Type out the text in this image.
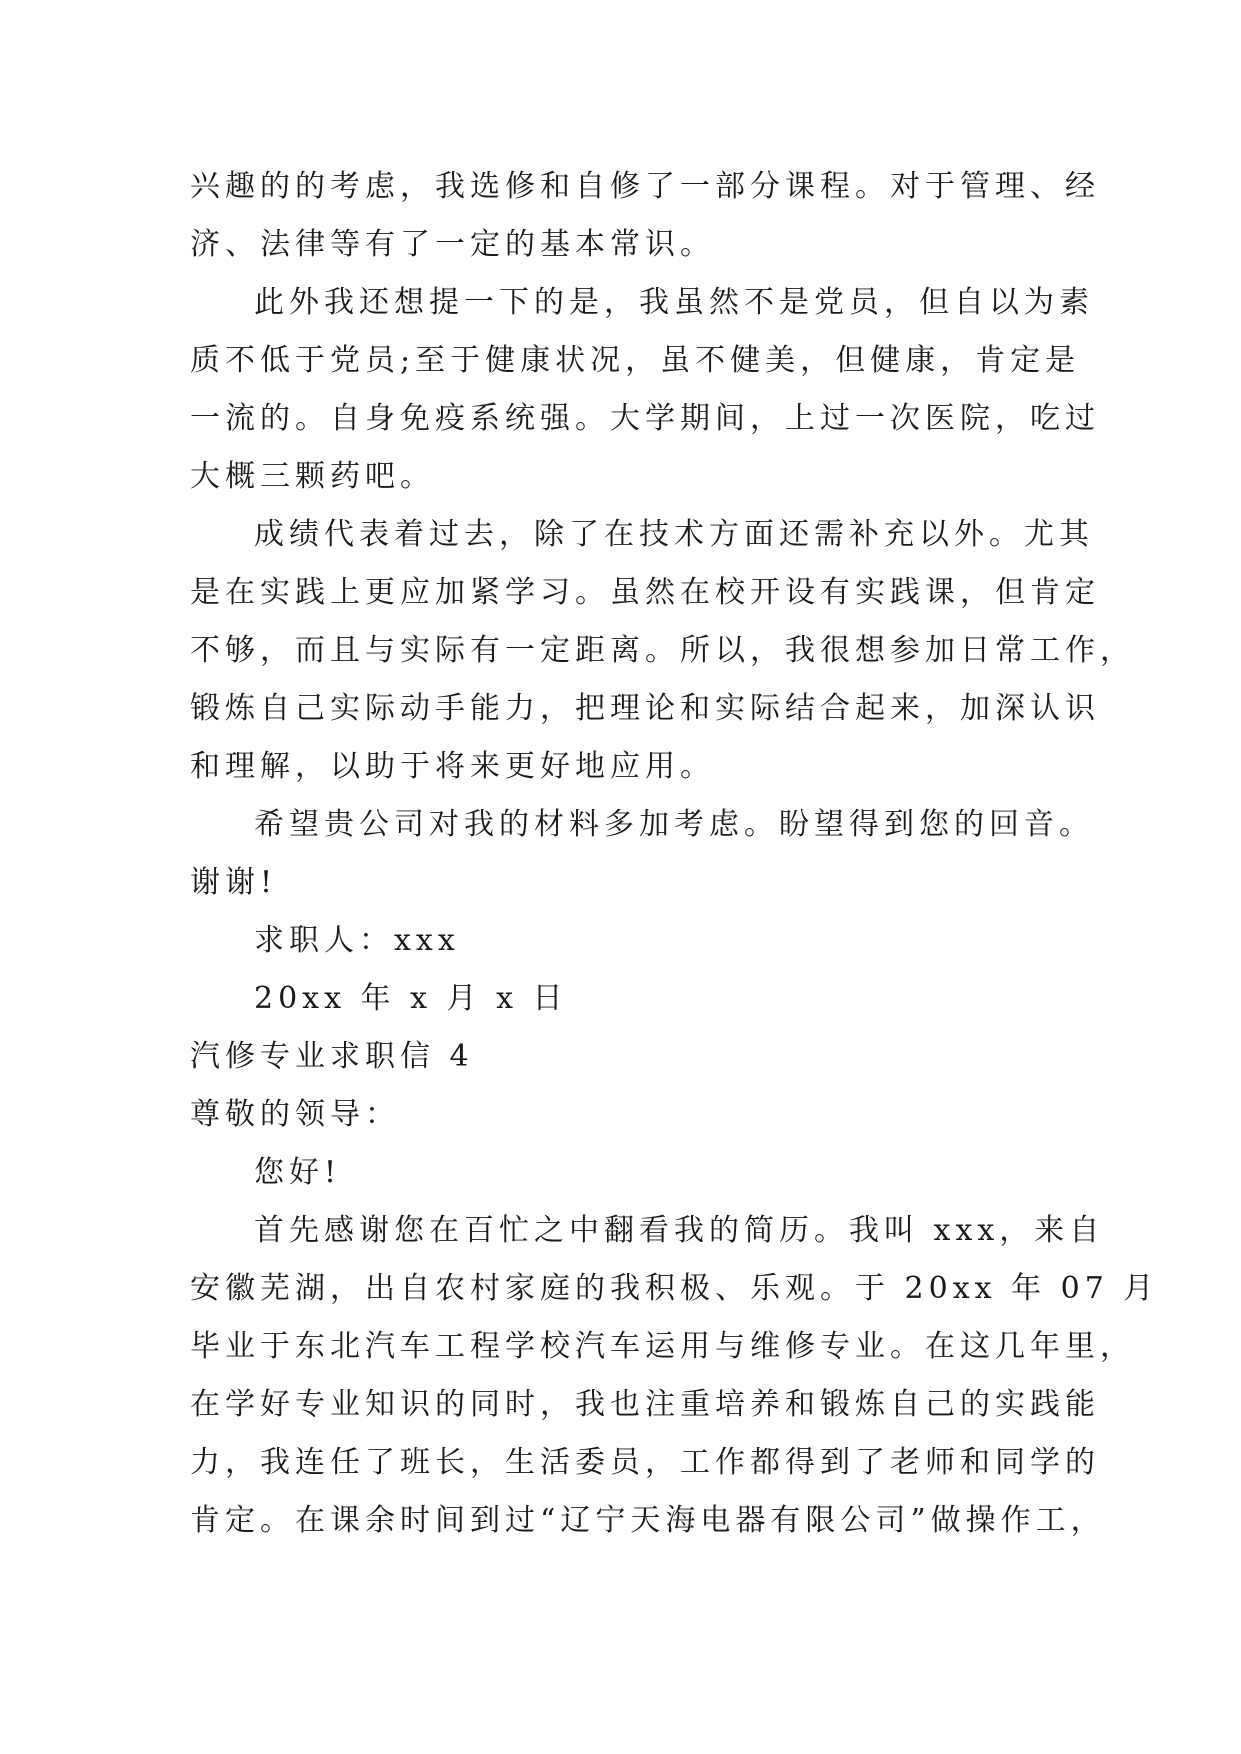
兴趣的的考虑，我选修和自修了一部分课程。对于管理、经
济、法律等有了一定的基本常识。
此外我还想提一下的是，我虽然不是党员，但自以为素
质不低于党员;至于健康状况，虽不健美，但健康，肯定是
一流的。自身免疫系统强。大学期间，上过一次医院，吃过
大概三颗药吧。
成绩代表着过去，除了在技术方面还需补充以外。尤其
是在实践上更应加紧学习。虽然在校开设有实践课，但肯定
不够，而且与实际有一定距离。所以，我很想参加日常工作，
锻炼自己实际动手能力，把理论和实际结合起来，加深认识
和理解，以助于将来更好地应用。
希望贵公司对我的材料多加考虑。盼望得到您的回音。
谢谢!
求职人：xxx
20xx 年 x 月 x 日
汽修专业求职信 4
尊敬的领导：
您好!
首先感谢您在百忙之中翻看我的简历。我叫 xxx，来自
安徽芜湖，出自农村家庭的我积极、乐观。于 20xx 年 07 月
毕业于东北汽车工程学校汽车运用与维修专业。在这几年里，
在学好专业知识的同时，我也注重培养和锻炼自己的实践能
力，我连任了班长，生活委员，工作都得到了老师和同学的
肯定。在课余时间到过“辽宁天海电器有限公司”做操作工，
